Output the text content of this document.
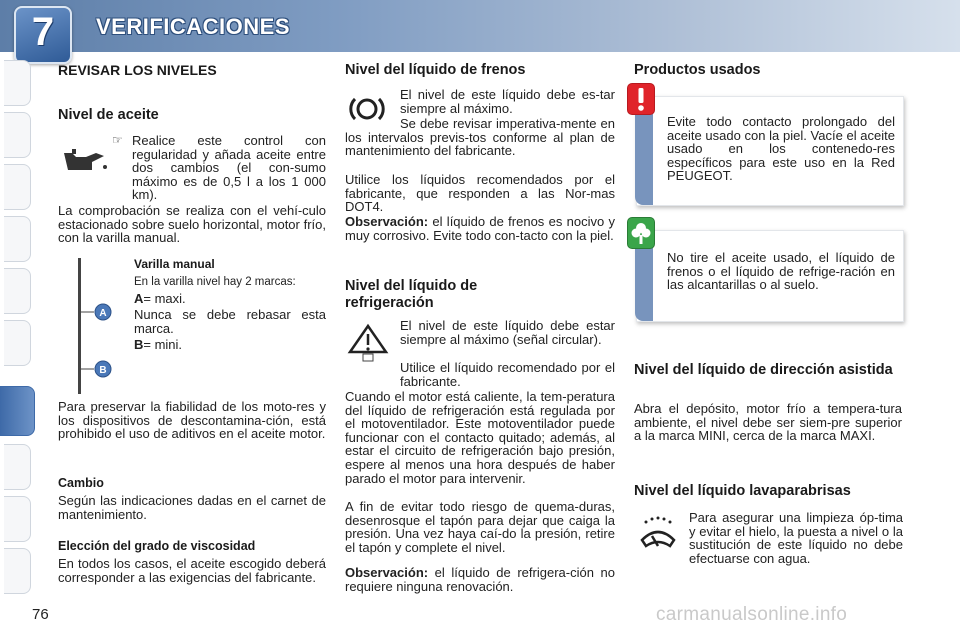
7	VERIFICACIONES
REVISAR LOS NIVELES
Nivel de aceite
☞ Realice este control con regularidad y añada aceite entre dos cambios (el con-sumo máximo es de 0,5 l a los 1 000 km).
La comprobación se realiza con el vehí-culo estacionado sobre suelo horizontal, motor frío, con la varilla manual.
A
B
Varilla manual
En la varilla nivel hay 2 marcas:
A= maxi.
Nunca se debe rebasar esta marca.
B= mini.
Para preservar la fiabilidad de los moto-res y los dispositivos de descontamina-ción, está prohibido el uso de aditivos en el aceite motor.
Cambio
Según las indicaciones dadas en el carnet de mantenimiento.
Elección del grado de viscosidad
En todos los casos, el aceite escogido deberá corresponder a las exigencias del fabricante.
Nivel del líquido de frenos
El nivel de este líquido debe es-tar siempre al máximo.
Se debe revisar imperativa-mente en los intervalos previs-tos conforme al plan de mantenimiento del fabricante.
Utilice los líquidos recomendados por el fabricante, que responden a las Nor-mas DOT4.
Observación: el líquido de frenos es nocivo y muy corrosivo. Evite todo con-tacto con la piel.
Nivel del líquido de refrigeración
El nivel de este líquido debe estar siempre al máximo (señal circular).
Utilice el líquido recomendado por el fabricante.
Cuando el motor está caliente, la tem-peratura del líquido de refrigeración está regulada por el motoventilador. Este motoventilador puede funcionar con el contacto quitado; además, al estar el circuito de refrigeración bajo presión, espere al menos una hora después de haber parado el motor para intervenir.
A fin de evitar todo riesgo de quema-duras, desenrosque el tapón para dejar que caiga la presión. Una vez haya caí-do la presión, retire el tapón y complete el nivel.
Observación: el líquido de refrigera-ción no requiere ninguna renovación.
Productos usados
Evite todo contacto prolongado del aceite usado con la piel. Vacíe el aceite usado en los contenedo-res específicos para este uso en la Red PEUGEOT.
No tire el aceite usado, el líquido de frenos o el líquido de refrige-ración en las alcantarillas o al suelo.
Nivel del líquido de dirección asistida
Abra el depósito, motor frío a tempera-tura ambiente, el nivel debe ser siem-pre superior a la marca MINI, cerca de la marca MAXI.
Nivel del líquido lavaparabrisas
Para asegurar una limpieza óp-tima y evitar el hielo, la puesta a nivel o la sustitución de este líquido no debe efectuarse con agua.
76	carmanualsonline.info
